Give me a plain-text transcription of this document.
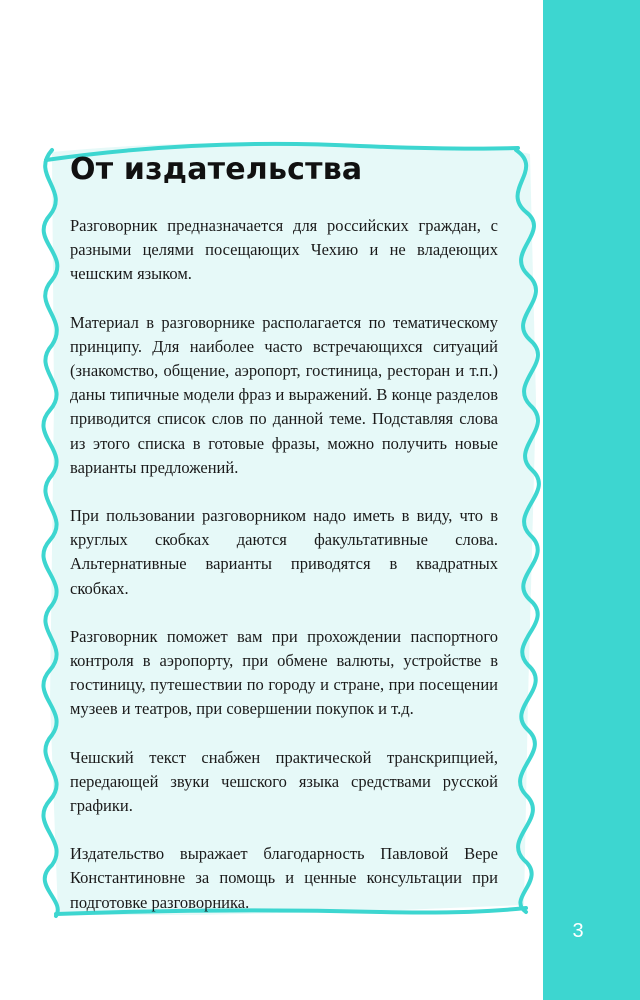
От издательства

Разговорник предназначается для российских граждан, с разными целями посещающих Чехию и не владеющих чешским языком.

Материал в разговорнике располагается по тематическому принципу. Для наиболее часто встречающихся ситуаций (знакомство, общение, аэропорт, гостиница, ресторан и т.п.) даны типичные модели фраз и выражений. В конце разделов приводится список слов по данной теме. Подставляя слова из этого списка в готовые фразы, можно получить новые варианты предложений.

При пользовании разговорником надо иметь в виду, что в круглых скобках даются факультативные слова. Альтернативные варианты приводятся в квадратных скобках.

Разговорник поможет вам при прохождении паспортного контроля в аэропорту, при обмене валюты, устройстве в гостиницу, путешествии по городу и стране, при посещении музеев и театров, при совершении покупок и т.д.

Чешский текст снабжен практической транскрипцией, передающей звуки чешского языка средствами русской графики.

Издательство выражает благодарность Павловой Вере Константиновне за помощь и ценные консультации при подготовке разговорника.

3
